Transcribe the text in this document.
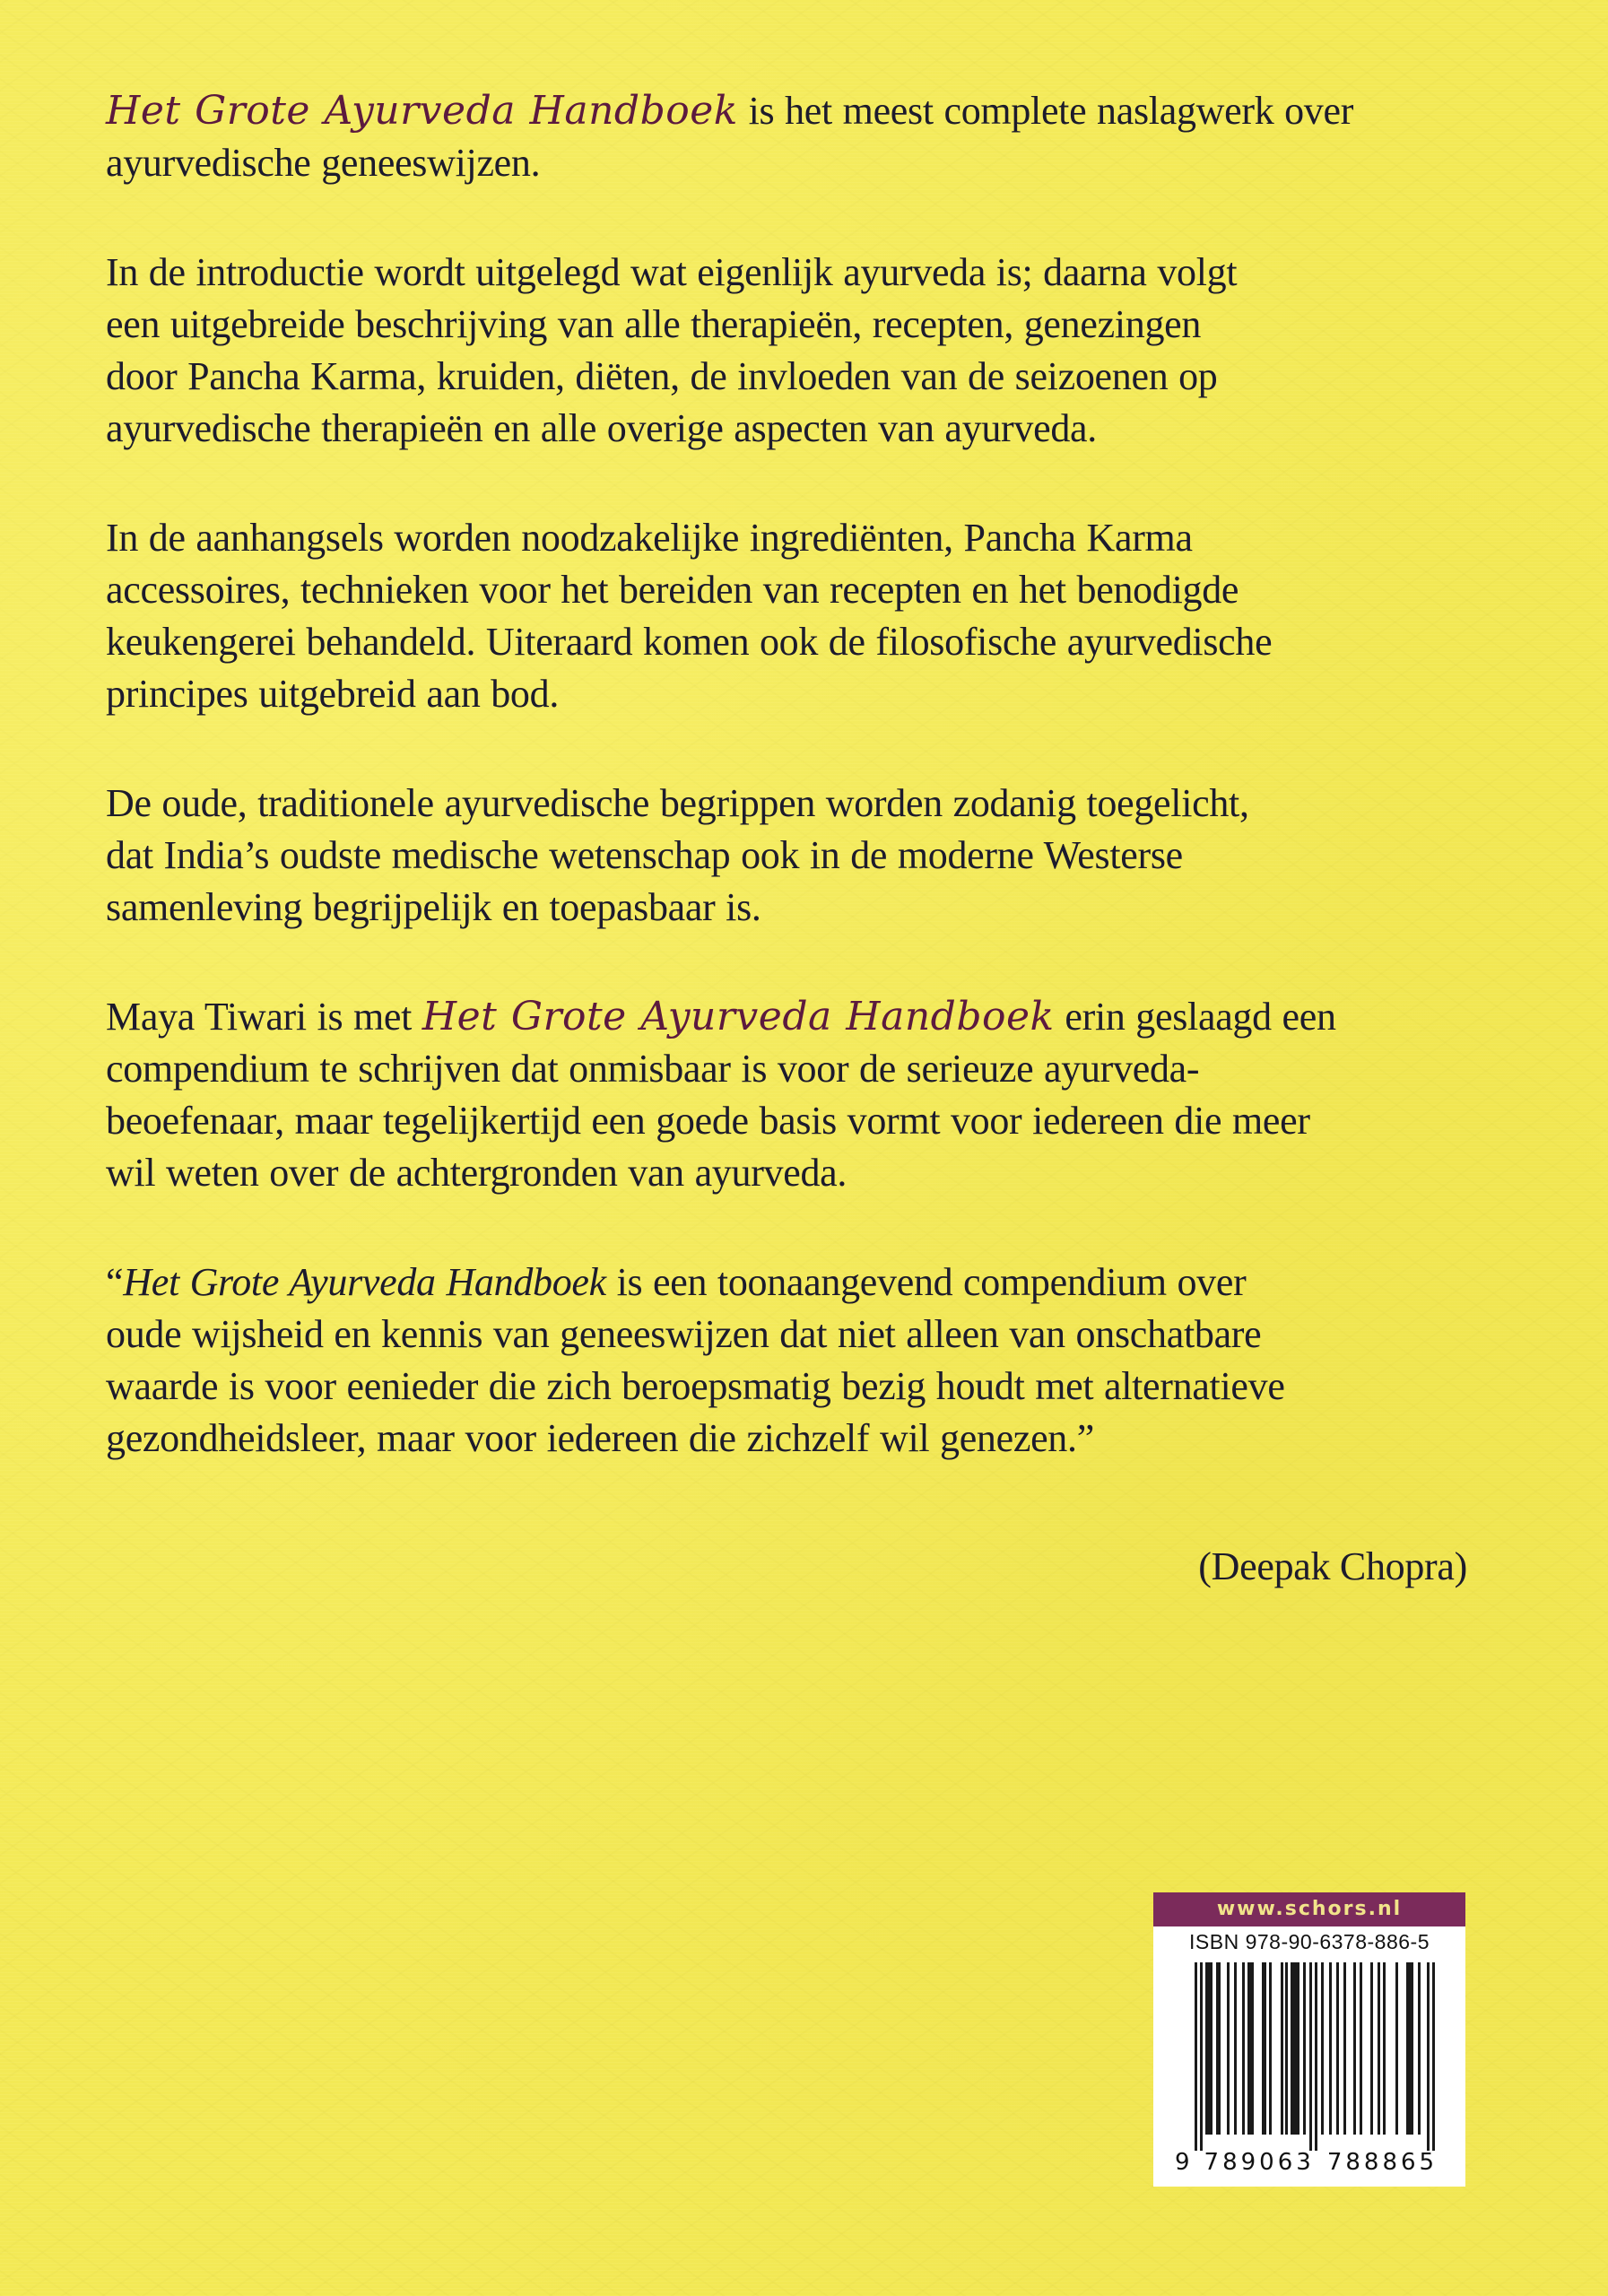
Het Grote Ayurveda Handboek is het meest complete naslagwerk over
ayurvedische geneeswijzen.

In de introductie wordt uitgelegd wat eigenlijk ayurveda is; daarna volgt
een uitgebreide beschrijving van alle therapieën, recepten, genezingen
door Pancha Karma, kruiden, diëten, de invloeden van de seizoenen op
ayurvedische therapieën en alle overige aspecten van ayurveda.

In de aanhangsels worden noodzakelijke ingrediënten, Pancha Karma
accessoires, technieken voor het bereiden van recepten en het benodigde
keukengerei behandeld. Uiteraard komen ook de filosofische ayurvedische
principes uitgebreid aan bod.

De oude, traditionele ayurvedische begrippen worden zodanig toegelicht,
dat India’s oudste medische wetenschap ook in de moderne Westerse
samenleving begrijpelijk en toepasbaar is.

Maya Tiwari is met Het Grote Ayurveda Handboek erin geslaagd een
compendium te schrijven dat onmisbaar is voor de serieuze ayurveda-
beoefenaar, maar tegelijkertijd een goede basis vormt voor iedereen die meer
wil weten over de achtergronden van ayurveda.

“Het Grote Ayurveda Handboek is een toonaangevend compendium over
oude wijsheid en kennis van geneeswijzen dat niet alleen van onschatbare
waarde is voor eenieder die zich beroepsmatig bezig houdt met alternatieve
gezondheidsleer, maar voor iedereen die zichzelf wil genezen.”

(Deepak Chopra)
www.schors.nl
ISBN 978-90-6378-886-5
9 789063 788865
